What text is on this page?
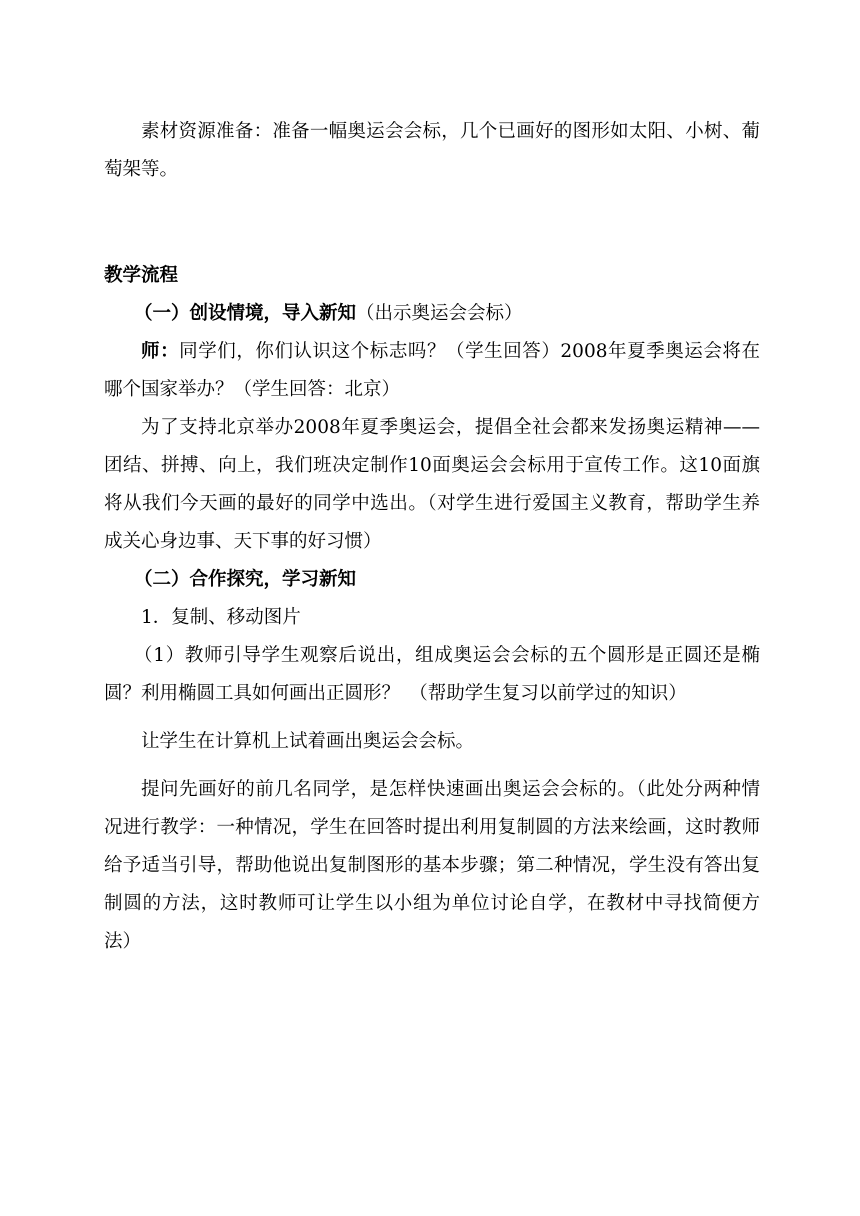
素材资源准备：准备一幅奥运会会标，几个已画好的图形如太阳、小树、葡萄架等。

教学流程

（一）创设情境，导入新知（出示奥运会会标）

师：同学们，你们认识这个标志吗？（学生回答）2008年夏季奥运会将在哪个国家举办？（学生回答：北京）

为了支持北京举办2008年夏季奥运会，提倡全社会都来发扬奥运精神——团结、拼搏、向上，我们班决定制作10面奥运会会标用于宣传工作。这10面旗将从我们今天画的最好的同学中选出。（对学生进行爱国主义教育，帮助学生养成关心身边事、天下事的好习惯）

（二）合作探究，学习新知

1．复制、移动图片

（1）教师引导学生观察后说出，组成奥运会会标的五个圆形是正圆还是椭圆？利用椭圆工具如何画出正圆形？　（帮助学生复习以前学过的知识）

让学生在计算机上试着画出奥运会会标。

提问先画好的前几名同学，是怎样快速画出奥运会会标的。（此处分两种情况进行教学：一种情况，学生在回答时提出利用复制圆的方法来绘画，这时教师给予适当引导，帮助他说出复制图形的基本步骤；第二种情况，学生没有答出复制圆的方法，这时教师可让学生以小组为单位讨论自学，在教材中寻找简便方法）
